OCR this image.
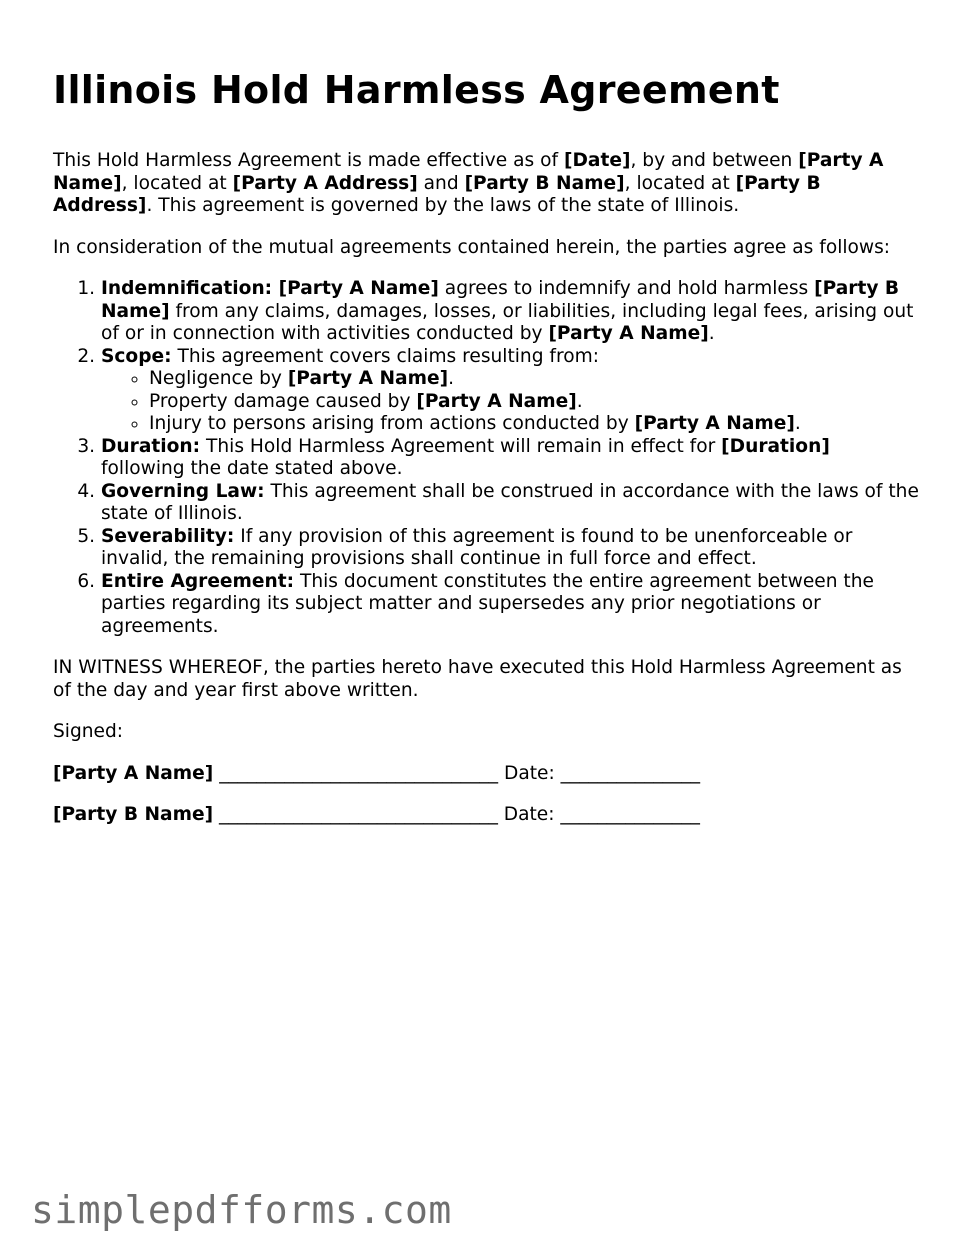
Illinois Hold Harmless Agreement

This Hold Harmless Agreement is made effective as of [Date], by and between [Party A Name], located at [Party A Address] and [Party B Name], located at [Party B Address]. This agreement is governed by the laws of the state of Illinois.

In consideration of the mutual agreements contained herein, the parties agree as follows:

1. Indemnification: [Party A Name] agrees to indemnify and hold harmless [Party B Name] from any claims, damages, losses, or liabilities, including legal fees, arising out of or in connection with activities conducted by [Party A Name].
2. Scope: This agreement covers claims resulting from:
◦ Negligence by [Party A Name].
◦ Property damage caused by [Party A Name].
◦ Injury to persons arising from actions conducted by [Party A Name].
3. Duration: This Hold Harmless Agreement will remain in effect for [Duration] following the date stated above.
4. Governing Law: This agreement shall be construed in accordance with the laws of the state of Illinois.
5. Severability: If any provision of this agreement is found to be unenforceable or invalid, the remaining provisions shall continue in full force and effect.
6. Entire Agreement: This document constitutes the entire agreement between the parties regarding its subject matter and supersedes any prior negotiations or agreements.

IN WITNESS WHEREOF, the parties hereto have executed this Hold Harmless Agreement as of the day and year first above written.

Signed:

[Party A Name] ______________________________ Date: _______________
[Party B Name] ______________________________ Date: _______________
simplepdfforms.com
